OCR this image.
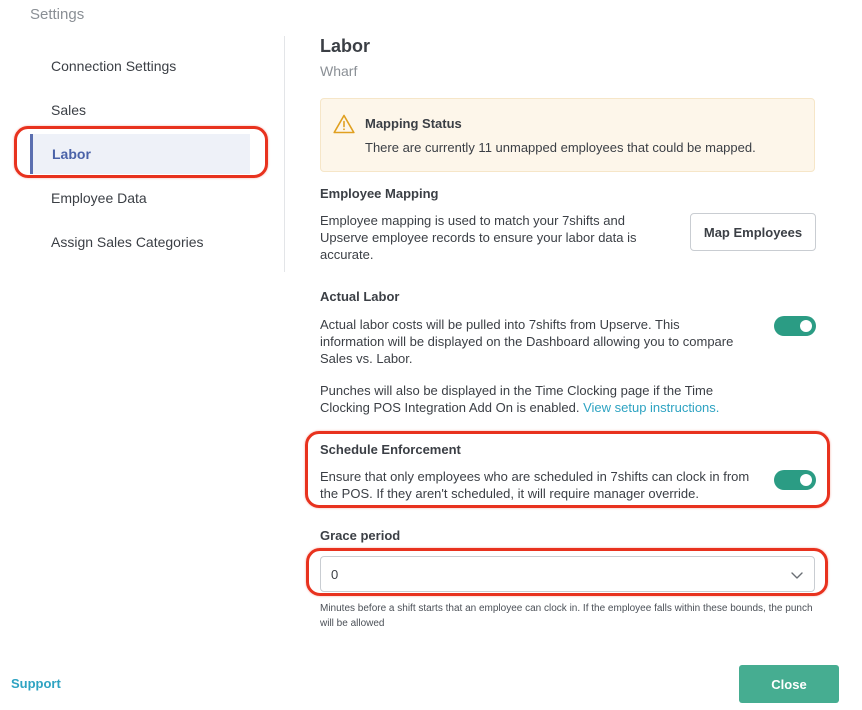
Settings
Connection Settings
Sales
Labor
Employee Data
Assign Sales Categories
Labor
Wharf
Mapping Status
There are currently 11 unmapped employees that could be mapped.
Employee Mapping
Employee mapping is used to match your 7shifts and Upserve employee records to ensure your labor data is accurate.
Map Employees
Actual Labor
Actual labor costs will be pulled into 7shifts from Upserve. This information will be displayed on the Dashboard allowing you to compare Sales vs. Labor.
Punches will also be displayed in the Time Clocking page if the Time Clocking POS Integration Add On is enabled. View setup instructions.
Schedule Enforcement
Ensure that only employees who are scheduled in 7shifts can clock in from the POS. If they aren't scheduled, it will require manager override.
Grace period
0
Minutes before a shift starts that an employee can clock in. If the employee falls within these bounds, the punch will be allowed
Support	Close
